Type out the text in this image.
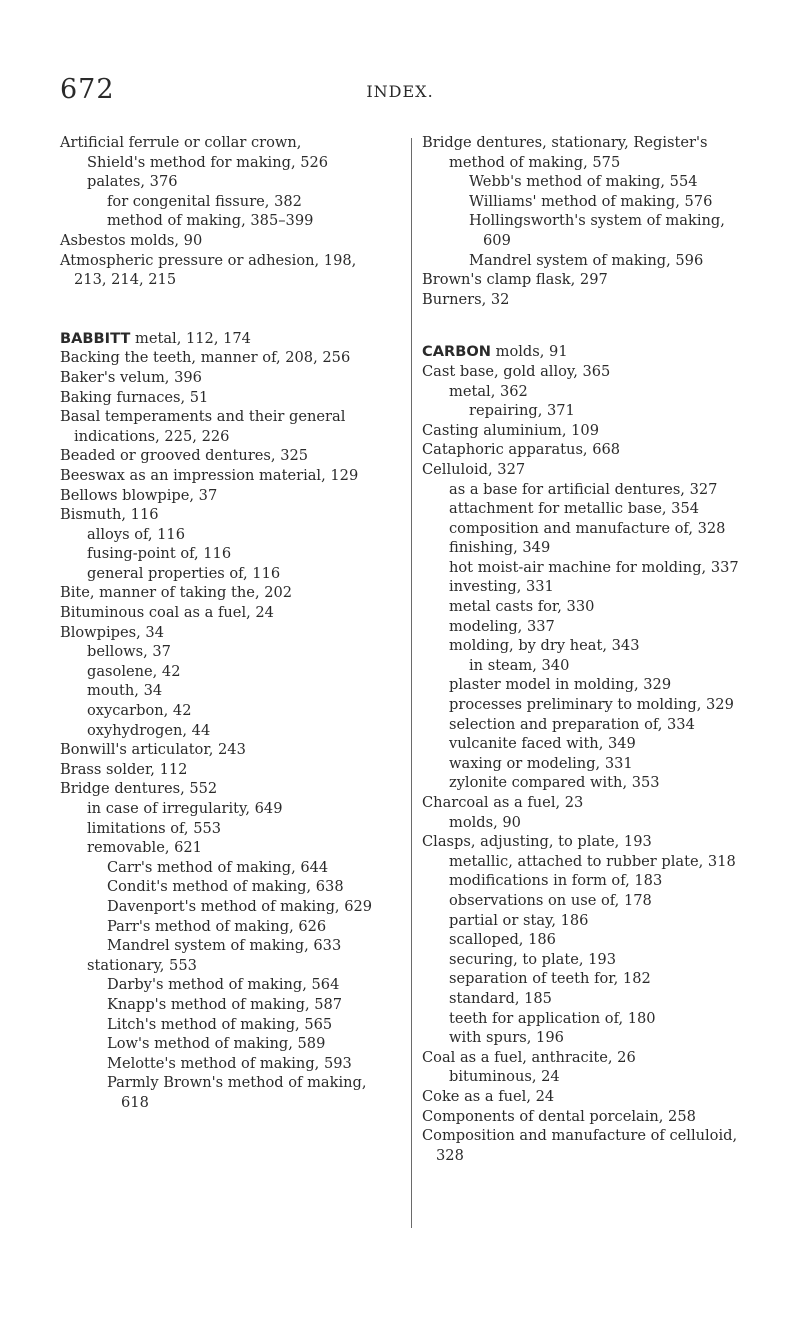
672	INDEX.

Artificial ferrule or collar crown,

Shield's method for making, 526

palates, 376

for congenital fissure, 382

method of making, 385–399

Asbestos molds, 90

Atmospheric pressure or adhesion, 198, 213, 214, 215

BABBITT metal, 112, 174

Backing the teeth, manner of, 208, 256

Baker's velum, 396

Baking furnaces, 51

Basal temperaments and their general indications, 225, 226

Beaded or grooved dentures, 325

Beeswax as an impression material, 129

Bellows blowpipe, 37

Bismuth, 116

alloys of, 116

fusing-point of, 116

general properties of, 116

Bite, manner of taking the, 202

Bituminous coal as a fuel, 24

Blowpipes, 34

bellows, 37

gasolene, 42

mouth, 34

oxycarbon, 42

oxyhydrogen, 44

Bonwill's articulator, 243

Brass solder, 112

Bridge dentures, 552

in case of irregularity, 649

limitations of, 553

removable, 621

Carr's method of making, 644

Condit's method of making, 638

Davenport's method of making, 629

Parr's method of making, 626

Mandrel system of making, 633

stationary, 553

Darby's method of making, 564

Knapp's method of making, 587

Litch's method of making, 565

Low's method of making, 589

Melotte's method of making, 593

Parmly Brown's method of making, 618

Bridge dentures, stationary, Register's

method of making, 575

Webb's method of making, 554

Williams' method of making, 576

Hollingsworth's system of making, 609

Mandrel system of making, 596

Brown's clamp flask, 297

Burners, 32

CARBON molds, 91

Cast base, gold alloy, 365

metal, 362

repairing, 371

Casting aluminium, 109

Cataphoric apparatus, 668

Celluloid, 327

as a base for artificial dentures, 327

attachment for metallic base, 354

composition and manufacture of, 328

finishing, 349

hot moist-air machine for molding, 337

investing, 331

metal casts for, 330

modeling, 337

molding, by dry heat, 343

in steam, 340

plaster model in molding, 329

processes preliminary to molding, 329

selection and preparation of, 334

vulcanite faced with, 349

waxing or modeling, 331

zylonite compared with, 353

Charcoal as a fuel, 23

molds, 90

Clasps, adjusting, to plate, 193

metallic, attached to rubber plate, 318

modifications in form of, 183

observations on use of, 178

partial or stay, 186

scalloped, 186

securing, to plate, 193

separation of teeth for, 182

standard, 185

teeth for application of, 180

with spurs, 196

Coal as a fuel, anthracite, 26

bituminous, 24

Coke as a fuel, 24

Components of dental porcelain, 258

Composition and manufacture of celluloid, 328
